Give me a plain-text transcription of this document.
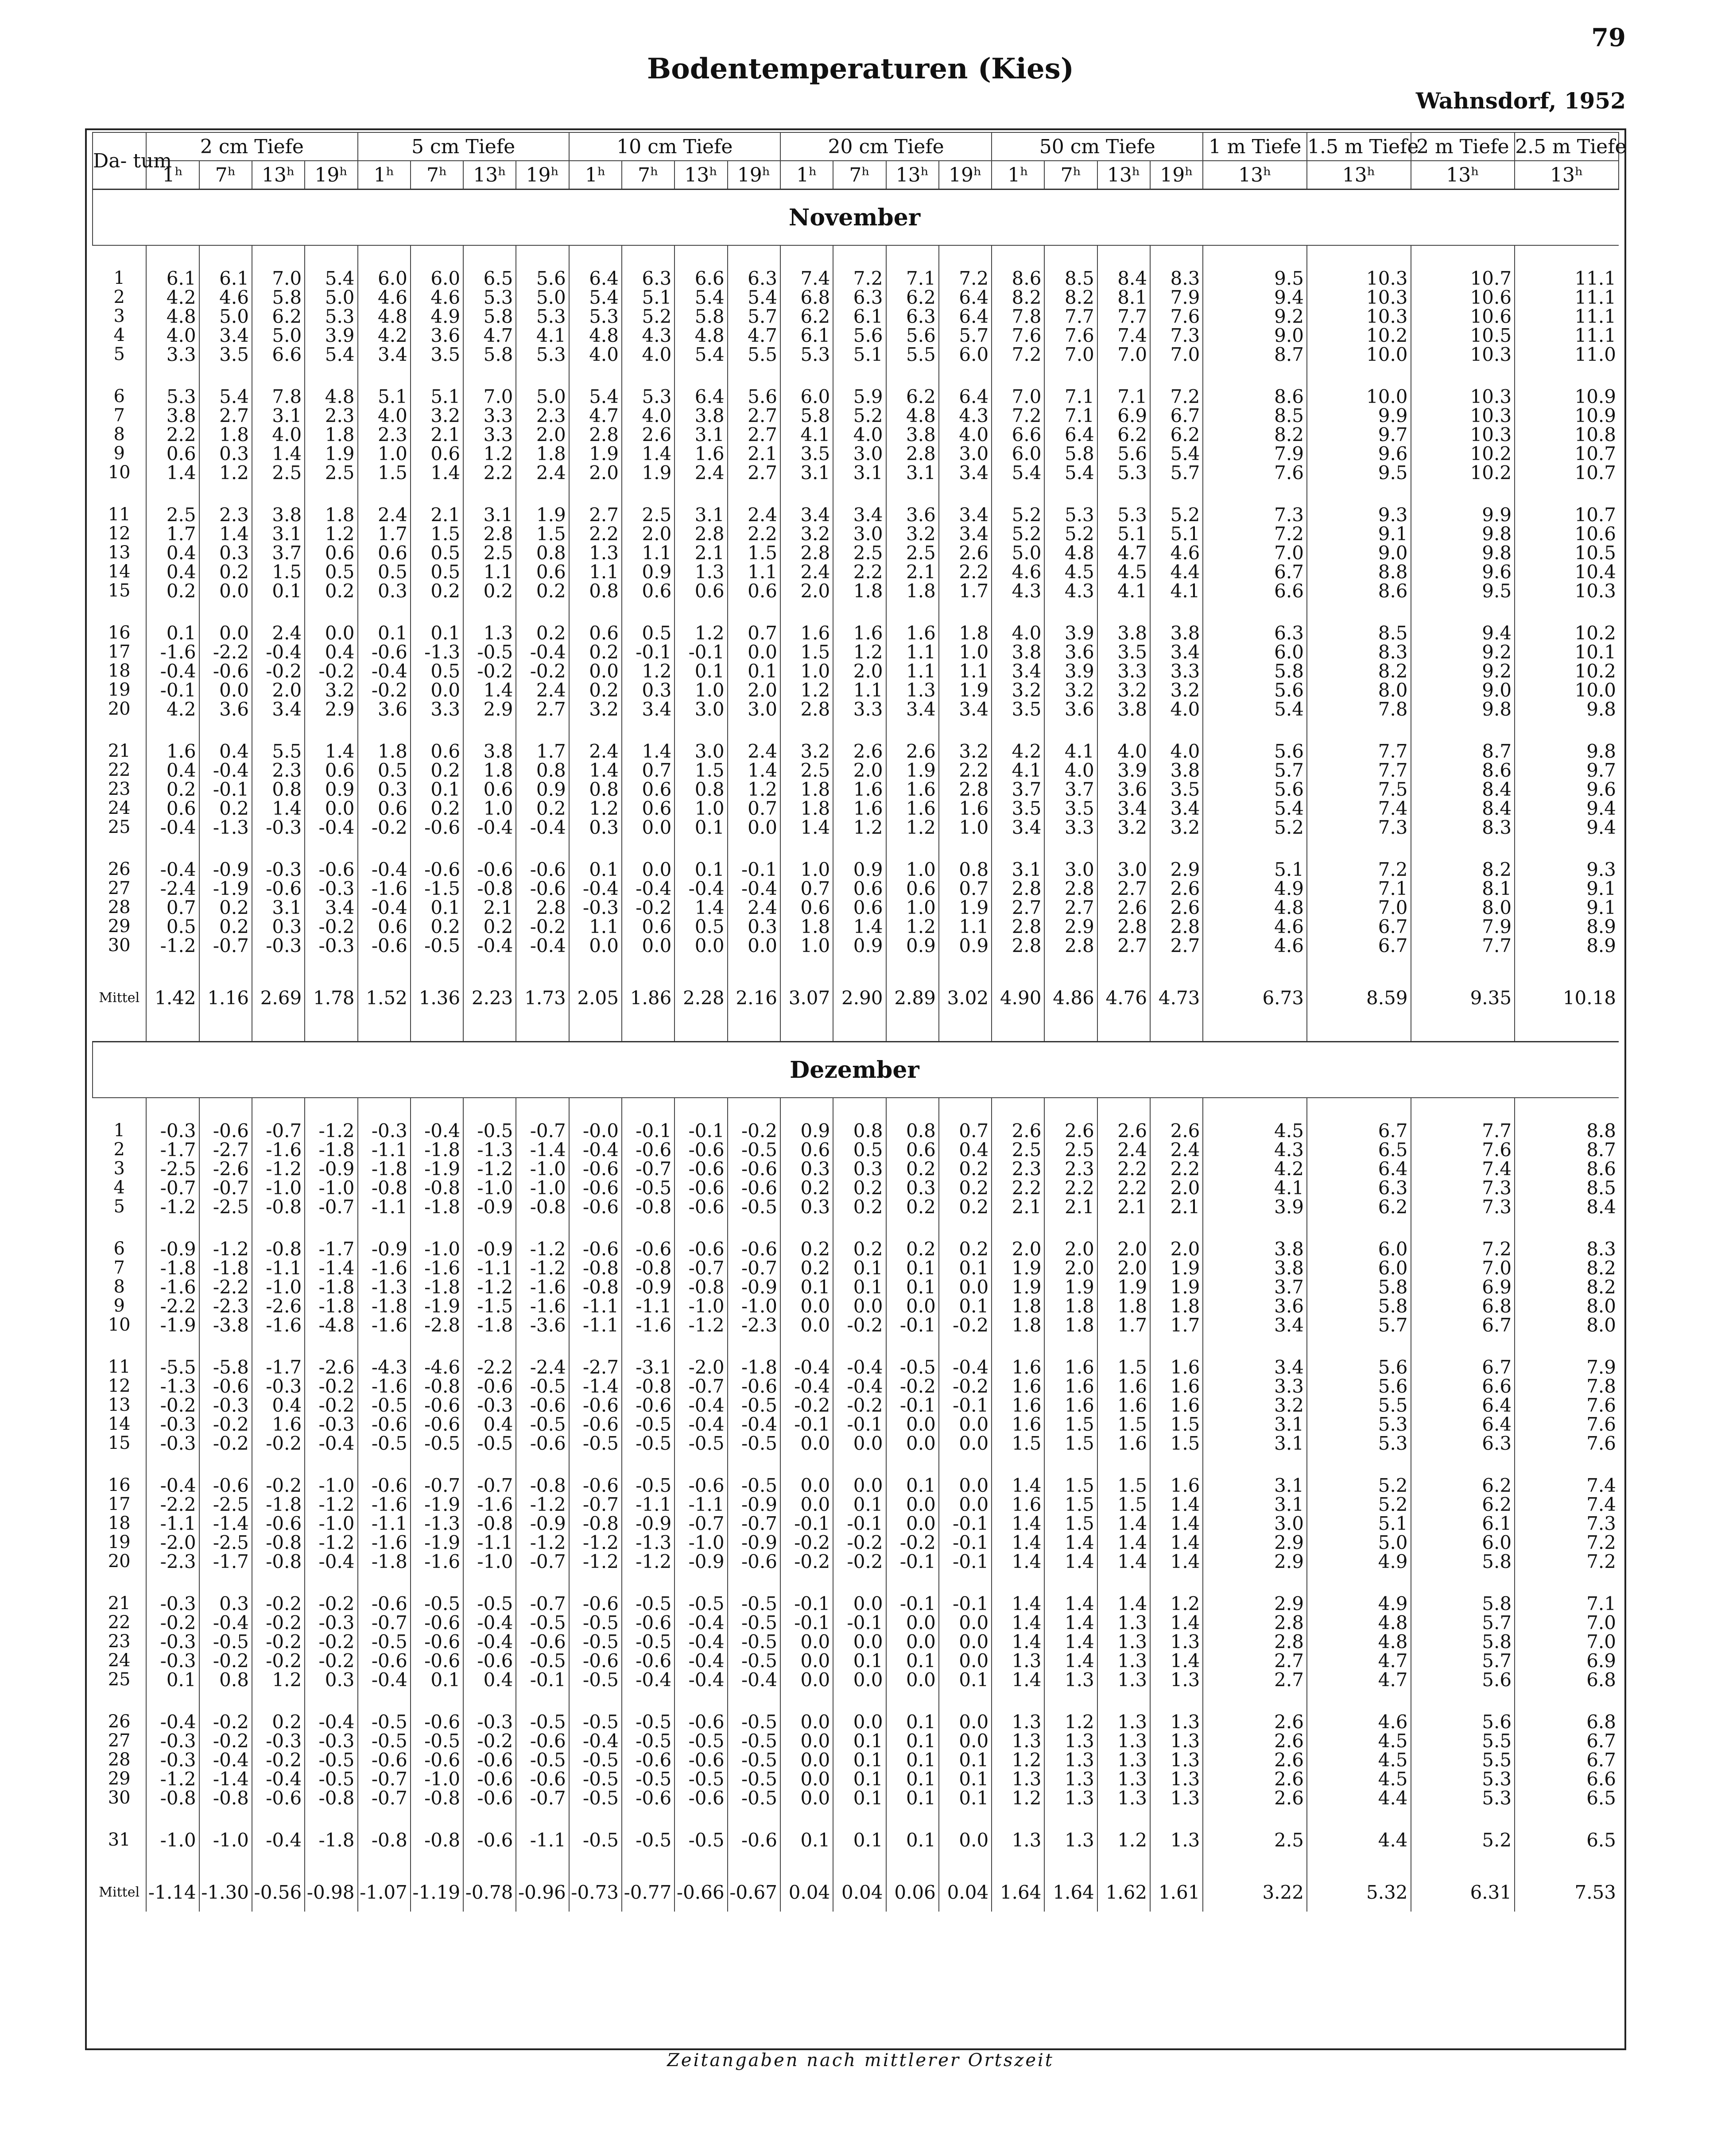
79
Bodentemperaturen (Kies)
Wahnsdorf, 1952
Da- tum	2 cm Tiefe				5 cm Tiefe				10 cm Tiefe				20 cm Tiefe				50 cm Tiefe				1 m Tiefe	1.5 m Tiefe	2 m Tiefe	2.5 m Tiefe
	1ʰ	7ʰ	13ʰ	19ʰ	1ʰ	7ʰ	13ʰ	19ʰ	1ʰ	7ʰ	13ʰ	19ʰ	1ʰ	7ʰ	13ʰ	19ʰ	1ʰ	7ʰ	13ʰ	19ʰ	13ʰ	13ʰ	13ʰ	13ʰ
November																								

1	6.1	6.1	7.0	5.4	6.0	6.0	6.5	5.6	6.4	6.3	6.6	6.3	7.4	7.2	7.1	7.2	8.6	8.5	8.4	8.3	9.5	10.3	10.7	11.1
2	4.2	4.6	5.8	5.0	4.6	4.6	5.3	5.0	5.4	5.1	5.4	5.4	6.8	6.3	6.2	6.4	8.2	8.2	8.1	7.9	9.4	10.3	10.6	11.1
3	4.8	5.0	6.2	5.3	4.8	4.9	5.8	5.3	5.3	5.2	5.8	5.7	6.2	6.1	6.3	6.4	7.8	7.7	7.7	7.6	9.2	10.3	10.6	11.1
4	4.0	3.4	5.0	3.9	4.2	3.6	4.7	4.1	4.8	4.3	4.8	4.7	6.1	5.6	5.6	5.7	7.6	7.6	7.4	7.3	9.0	10.2	10.5	11.1
5	3.3	3.5	6.6	5.4	3.4	3.5	5.8	5.3	4.0	4.0	5.4	5.5	5.3	5.1	5.5	6.0	7.2	7.0	7.0	7.0	8.7	10.0	10.3	11.0

6	5.3	5.4	7.8	4.8	5.1	5.1	7.0	5.0	5.4	5.3	6.4	5.6	6.0	5.9	6.2	6.4	7.0	7.1	7.1	7.2	8.6	10.0	10.3	10.9
7	3.8	2.7	3.1	2.3	4.0	3.2	3.3	2.3	4.7	4.0	3.8	2.7	5.8	5.2	4.8	4.3	7.2	7.1	6.9	6.7	8.5	9.9	10.3	10.9
8	2.2	1.8	4.0	1.8	2.3	2.1	3.3	2.0	2.8	2.6	3.1	2.7	4.1	4.0	3.8	4.0	6.6	6.4	6.2	6.2	8.2	9.7	10.3	10.8
9	0.6	0.3	1.4	1.9	1.0	0.6	1.2	1.8	1.9	1.4	1.6	2.1	3.5	3.0	2.8	3.0	6.0	5.8	5.6	5.4	7.9	9.6	10.2	10.7
10	1.4	1.2	2.5	2.5	1.5	1.4	2.2	2.4	2.0	1.9	2.4	2.7	3.1	3.1	3.1	3.4	5.4	5.4	5.3	5.7	7.6	9.5	10.2	10.7

11	2.5	2.3	3.8	1.8	2.4	2.1	3.1	1.9	2.7	2.5	3.1	2.4	3.4	3.4	3.6	3.4	5.2	5.3	5.3	5.2	7.3	9.3	9.9	10.7
12	1.7	1.4	3.1	1.2	1.7	1.5	2.8	1.5	2.2	2.0	2.8	2.2	3.2	3.0	3.2	3.4	5.2	5.2	5.1	5.1	7.2	9.1	9.8	10.6
13	0.4	0.3	3.7	0.6	0.6	0.5	2.5	0.8	1.3	1.1	2.1	1.5	2.8	2.5	2.5	2.6	5.0	4.8	4.7	4.6	7.0	9.0	9.8	10.5
14	0.4	0.2	1.5	0.5	0.5	0.5	1.1	0.6	1.1	0.9	1.3	1.1	2.4	2.2	2.1	2.2	4.6	4.5	4.5	4.4	6.7	8.8	9.6	10.4
15	0.2	0.0	0.1	0.2	0.3	0.2	0.2	0.2	0.8	0.6	0.6	0.6	2.0	1.8	1.8	1.7	4.3	4.3	4.1	4.1	6.6	8.6	9.5	10.3

16	0.1	0.0	2.4	0.0	0.1	0.1	1.3	0.2	0.6	0.5	1.2	0.7	1.6	1.6	1.6	1.8	4.0	3.9	3.8	3.8	6.3	8.5	9.4	10.2
17	-1.6	-2.2	-0.4	0.4	-0.6	-1.3	-0.5	-0.4	0.2	-0.1	-0.1	0.0	1.5	1.2	1.1	1.0	3.8	3.6	3.5	3.4	6.0	8.3	9.2	10.1
18	-0.4	-0.6	-0.2	-0.2	-0.4	0.5	-0.2	-0.2	0.0	1.2	0.1	0.1	1.0	2.0	1.1	1.1	3.4	3.9	3.3	3.3	5.8	8.2	9.2	10.2
19	-0.1	0.0	2.0	3.2	-0.2	0.0	1.4	2.4	0.2	0.3	1.0	2.0	1.2	1.1	1.3	1.9	3.2	3.2	3.2	3.2	5.6	8.0	9.0	10.0
20	4.2	3.6	3.4	2.9	3.6	3.3	2.9	2.7	3.2	3.4	3.0	3.0	2.8	3.3	3.4	3.4	3.5	3.6	3.8	4.0	5.4	7.8	9.8	9.8

21	1.6	0.4	5.5	1.4	1.8	0.6	3.8	1.7	2.4	1.4	3.0	2.4	3.2	2.6	2.6	3.2	4.2	4.1	4.0	4.0	5.6	7.7	8.7	9.8
22	0.4	-0.4	2.3	0.6	0.5	0.2	1.8	0.8	1.4	0.7	1.5	1.4	2.5	2.0	1.9	2.2	4.1	4.0	3.9	3.8	5.7	7.7	8.6	9.7
23	0.2	-0.1	0.8	0.9	0.3	0.1	0.6	0.9	0.8	0.6	0.8	1.2	1.8	1.6	1.6	2.8	3.7	3.7	3.6	3.5	5.6	7.5	8.4	9.6
24	0.6	0.2	1.4	0.0	0.6	0.2	1.0	0.2	1.2	0.6	1.0	0.7	1.8	1.6	1.6	1.6	3.5	3.5	3.4	3.4	5.4	7.4	8.4	9.4
25	-0.4	-1.3	-0.3	-0.4	-0.2	-0.6	-0.4	-0.4	0.3	0.0	0.1	0.0	1.4	1.2	1.2	1.0	3.4	3.3	3.2	3.2	5.2	7.3	8.3	9.4

26	-0.4	-0.9	-0.3	-0.6	-0.4	-0.6	-0.6	-0.6	0.1	0.0	0.1	-0.1	1.0	0.9	1.0	0.8	3.1	3.0	3.0	2.9	5.1	7.2	8.2	9.3
27	-2.4	-1.9	-0.6	-0.3	-1.6	-1.5	-0.8	-0.6	-0.4	-0.4	-0.4	-0.4	0.7	0.6	0.6	0.7	2.8	2.8	2.7	2.6	4.9	7.1	8.1	9.1
28	0.7	0.2	3.1	3.4	-0.4	0.1	2.1	2.8	-0.3	-0.2	1.4	2.4	0.6	0.6	1.0	1.9	2.7	2.7	2.6	2.6	4.8	7.0	8.0	9.1
29	0.5	0.2	0.3	-0.2	0.6	0.2	0.2	-0.2	1.1	0.6	0.5	0.3	1.8	1.4	1.2	1.1	2.8	2.9	2.8	2.8	4.6	6.7	7.9	8.9
30	-1.2	-0.7	-0.3	-0.3	-0.6	-0.5	-0.4	-0.4	0.0	0.0	0.0	0.0	1.0	0.9	0.9	0.9	2.8	2.8	2.7	2.7	4.6	6.7	7.7	8.9

Mittel	1.42	1.16	2.69	1.78	1.52	1.36	2.23	1.73	2.05	1.86	2.28	2.16	3.07	2.90	2.89	3.02	4.90	4.86	4.76	4.73	6.73	8.59	9.35	10.18

Dezember																								

1	-0.3	-0.6	-0.7	-1.2	-0.3	-0.4	-0.5	-0.7	-0.0	-0.1	-0.1	-0.2	0.9	0.8	0.8	0.7	2.6	2.6	2.6	2.6	4.5	6.7	7.7	8.8
2	-1.7	-2.7	-1.6	-1.8	-1.1	-1.8	-1.3	-1.4	-0.4	-0.6	-0.6	-0.5	0.6	0.5	0.6	0.4	2.5	2.5	2.4	2.4	4.3	6.5	7.6	8.7
3	-2.5	-2.6	-1.2	-0.9	-1.8	-1.9	-1.2	-1.0	-0.6	-0.7	-0.6	-0.6	0.3	0.3	0.2	0.2	2.3	2.3	2.2	2.2	4.2	6.4	7.4	8.6
4	-0.7	-0.7	-1.0	-1.0	-0.8	-0.8	-1.0	-1.0	-0.6	-0.5	-0.6	-0.6	0.2	0.2	0.3	0.2	2.2	2.2	2.2	2.0	4.1	6.3	7.3	8.5
5	-1.2	-2.5	-0.8	-0.7	-1.1	-1.8	-0.9	-0.8	-0.6	-0.8	-0.6	-0.5	0.3	0.2	0.2	0.2	2.1	2.1	2.1	2.1	3.9	6.2	7.3	8.4

6	-0.9	-1.2	-0.8	-1.7	-0.9	-1.0	-0.9	-1.2	-0.6	-0.6	-0.6	-0.6	0.2	0.2	0.2	0.2	2.0	2.0	2.0	2.0	3.8	6.0	7.2	8.3
7	-1.8	-1.8	-1.1	-1.4	-1.6	-1.6	-1.1	-1.2	-0.8	-0.8	-0.7	-0.7	0.2	0.1	0.1	0.1	1.9	2.0	2.0	1.9	3.8	6.0	7.0	8.2
8	-1.6	-2.2	-1.0	-1.8	-1.3	-1.8	-1.2	-1.6	-0.8	-0.9	-0.8	-0.9	0.1	0.1	0.1	0.0	1.9	1.9	1.9	1.9	3.7	5.8	6.9	8.2
9	-2.2	-2.3	-2.6	-1.8	-1.8	-1.9	-1.5	-1.6	-1.1	-1.1	-1.0	-1.0	0.0	0.0	0.0	0.1	1.8	1.8	1.8	1.8	3.6	5.8	6.8	8.0
10	-1.9	-3.8	-1.6	-4.8	-1.6	-2.8	-1.8	-3.6	-1.1	-1.6	-1.2	-2.3	0.0	-0.2	-0.1	-0.2	1.8	1.8	1.7	1.7	3.4	5.7	6.7	8.0

11	-5.5	-5.8	-1.7	-2.6	-4.3	-4.6	-2.2	-2.4	-2.7	-3.1	-2.0	-1.8	-0.4	-0.4	-0.5	-0.4	1.6	1.6	1.5	1.6	3.4	5.6	6.7	7.9
12	-1.3	-0.6	-0.3	-0.2	-1.6	-0.8	-0.6	-0.5	-1.4	-0.8	-0.7	-0.6	-0.4	-0.4	-0.2	-0.2	1.6	1.6	1.6	1.6	3.3	5.6	6.6	7.8
13	-0.2	-0.3	0.4	-0.2	-0.5	-0.6	-0.3	-0.6	-0.6	-0.6	-0.4	-0.5	-0.2	-0.2	-0.1	-0.1	1.6	1.6	1.6	1.6	3.2	5.5	6.4	7.6
14	-0.3	-0.2	1.6	-0.3	-0.6	-0.6	0.4	-0.5	-0.6	-0.5	-0.4	-0.4	-0.1	-0.1	0.0	0.0	1.6	1.5	1.5	1.5	3.1	5.3	6.4	7.6
15	-0.3	-0.2	-0.2	-0.4	-0.5	-0.5	-0.5	-0.6	-0.5	-0.5	-0.5	-0.5	0.0	0.0	0.0	0.0	1.5	1.5	1.6	1.5	3.1	5.3	6.3	7.6

16	-0.4	-0.6	-0.2	-1.0	-0.6	-0.7	-0.7	-0.8	-0.6	-0.5	-0.6	-0.5	0.0	0.0	0.1	0.0	1.4	1.5	1.5	1.6	3.1	5.2	6.2	7.4
17	-2.2	-2.5	-1.8	-1.2	-1.6	-1.9	-1.6	-1.2	-0.7	-1.1	-1.1	-0.9	0.0	0.1	0.0	0.0	1.6	1.5	1.5	1.4	3.1	5.2	6.2	7.4
18	-1.1	-1.4	-0.6	-1.0	-1.1	-1.3	-0.8	-0.9	-0.8	-0.9	-0.7	-0.7	-0.1	-0.1	0.0	-0.1	1.4	1.5	1.4	1.4	3.0	5.1	6.1	7.3
19	-2.0	-2.5	-0.8	-1.2	-1.6	-1.9	-1.1	-1.2	-1.2	-1.3	-1.0	-0.9	-0.2	-0.2	-0.2	-0.1	1.4	1.4	1.4	1.4	2.9	5.0	6.0	7.2
20	-2.3	-1.7	-0.8	-0.4	-1.8	-1.6	-1.0	-0.7	-1.2	-1.2	-0.9	-0.6	-0.2	-0.2	-0.1	-0.1	1.4	1.4	1.4	1.4	2.9	4.9	5.8	7.2

21	-0.3	0.3	-0.2	-0.2	-0.6	-0.5	-0.5	-0.7	-0.6	-0.5	-0.5	-0.5	-0.1	0.0	-0.1	-0.1	1.4	1.4	1.4	1.2	2.9	4.9	5.8	7.1
22	-0.2	-0.4	-0.2	-0.3	-0.7	-0.6	-0.4	-0.5	-0.5	-0.6	-0.4	-0.5	-0.1	-0.1	0.0	0.0	1.4	1.4	1.3	1.4	2.8	4.8	5.7	7.0
23	-0.3	-0.5	-0.2	-0.2	-0.5	-0.6	-0.4	-0.6	-0.5	-0.5	-0.4	-0.5	0.0	0.0	0.0	0.0	1.4	1.4	1.3	1.3	2.8	4.8	5.8	7.0
24	-0.3	-0.2	-0.2	-0.2	-0.6	-0.6	-0.6	-0.5	-0.6	-0.6	-0.4	-0.5	0.0	0.1	0.1	0.0	1.3	1.4	1.3	1.4	2.7	4.7	5.7	6.9
25	0.1	0.8	1.2	0.3	-0.4	0.1	0.4	-0.1	-0.5	-0.4	-0.4	-0.4	0.0	0.0	0.0	0.1	1.4	1.3	1.3	1.3	2.7	4.7	5.6	6.8

26	-0.4	-0.2	0.2	-0.4	-0.5	-0.6	-0.3	-0.5	-0.5	-0.5	-0.6	-0.5	0.0	0.0	0.1	0.0	1.3	1.2	1.3	1.3	2.6	4.6	5.6	6.8
27	-0.3	-0.2	-0.3	-0.3	-0.5	-0.5	-0.2	-0.6	-0.4	-0.5	-0.5	-0.5	0.0	0.1	0.1	0.0	1.3	1.3	1.3	1.3	2.6	4.5	5.5	6.7
28	-0.3	-0.4	-0.2	-0.5	-0.6	-0.6	-0.6	-0.5	-0.5	-0.6	-0.6	-0.5	0.0	0.1	0.1	0.1	1.2	1.3	1.3	1.3	2.6	4.5	5.5	6.7
29	-1.2	-1.4	-0.4	-0.5	-0.7	-1.0	-0.6	-0.6	-0.5	-0.5	-0.5	-0.5	0.0	0.1	0.1	0.1	1.3	1.3	1.3	1.3	2.6	4.5	5.3	6.6
30	-0.8	-0.8	-0.6	-0.8	-0.7	-0.8	-0.6	-0.7	-0.5	-0.6	-0.6	-0.5	0.0	0.1	0.1	0.1	1.2	1.3	1.3	1.3	2.6	4.4	5.3	6.5

31	-1.0	-1.0	-0.4	-1.8	-0.8	-0.8	-0.6	-1.1	-0.5	-0.5	-0.5	-0.6	0.1	0.1	0.1	0.0	1.3	1.3	1.2	1.3	2.5	4.4	5.2	6.5

Mittel	-1.14	-1.30	-0.56	-0.98	-1.07	-1.19	-0.78	-0.96	-0.73	-0.77	-0.66	-0.67	0.04	0.04	0.06	0.04	1.64	1.64	1.62	1.61	3.22	5.32	6.31	7.53
Zeitangaben nach mittlerer Ortszeit
